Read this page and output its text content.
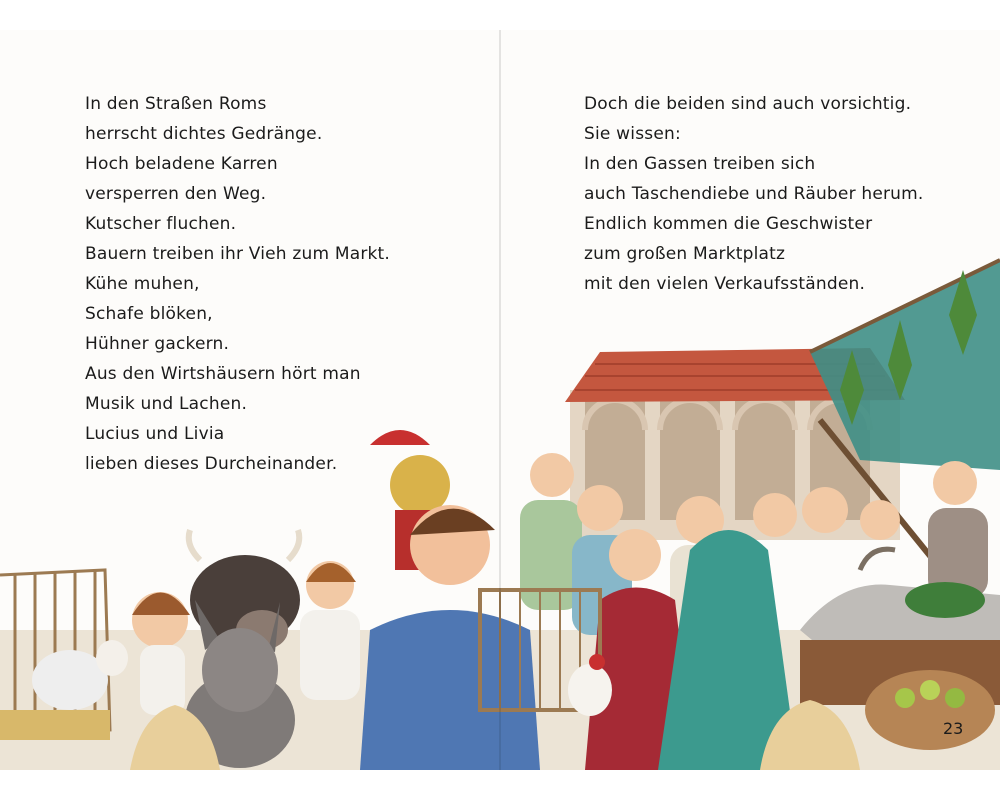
In den Straßen Roms
herrscht dichtes Gedränge.
Hoch beladene Karren
versperren den Weg.
Kutscher fluchen.
Bauern treiben ihr Vieh zum Markt.
Kühe muhen,
Schafe blöken,
Hühner gackern.
Aus den Wirtshäusern hört man
Musik und Lachen.
Lucius und Livia
lieben dieses Durcheinander.
Doch die beiden sind auch vorsichtig.
Sie wissen:
In den Gassen treiben sich
auch Taschendiebe und Räuber herum.
Endlich kommen die Geschwister
zum großen Marktplatz
mit den vielen Verkaufsständen.
23
